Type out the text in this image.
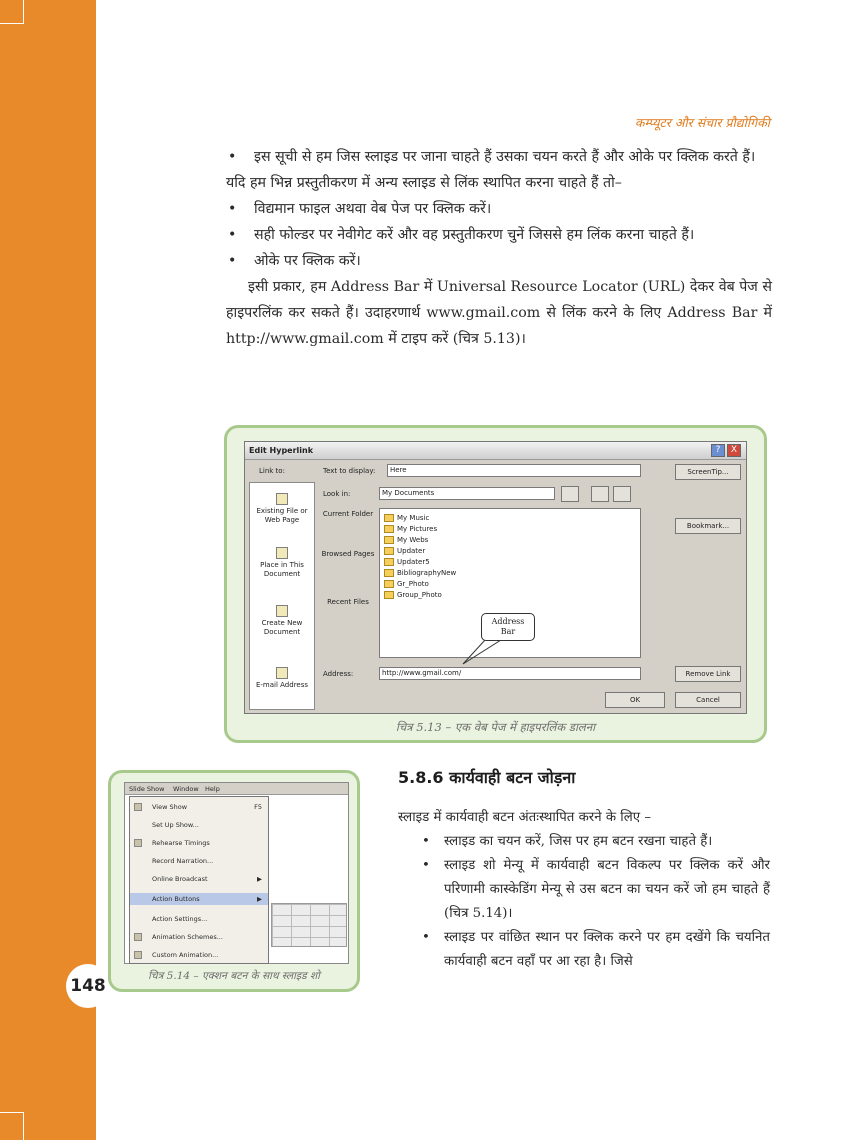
148
कम्प्यूटर और संचार प्रौद्योगिकी

• इस सूची से हम जिस स्लाइड पर जाना चाहते हैं उसका चयन करते हैं और ओके पर क्लिक करते हैं।

यदि हम भिन्न प्रस्तुतीकरण में अन्य स्लाइड से लिंक स्थापित करना चाहते हैं तो–

• विद्यमान फाइल अथवा वेब पेज पर क्लिक करें।

• सही फोल्डर पर नेवीगेट करें और वह प्रस्तुतीकरण चुनें जिससे हम लिंक करना चाहते हैं।

• ओके पर क्लिक करें।

इसी प्रकार, हम Address Bar में Universal Resource Locator (URL) देकर वेब पेज से हाइपरलिंक कर सकते हैं। उदाहरणार्थ www.gmail.com से लिंक करने के लिए Address Bar में http://www.gmail.com में टाइप करें (चित्र 5.13)।

Edit Hyperlink	?	X
Link to:	Text to display:	Here	ScreenTip...
Existing File or Web Page
Place in This Document
Create New Document
E-mail Address
Look in:	My Documents
Bookmark...
Current Folder
Browsed Pages
Recent Files
My Music
My Pictures
My Webs
Updater
Updater5
BibliographyNew
Gr_Photo
Group_Photo
Address
Bar
Address:	http://www.gmail.com/	Remove Link
OK	Cancel
चित्र 5.13 – एक वेब पेज में हाइपरलिंक डालना
Slide Show Window Help
View Show	F5
Set Up Show...
Rehearse Timings
Record Narration...
Online Broadcast	▶
Action Buttons	▶
Action Settings...
Animation Schemes...
Custom Animation...
चित्र 5.14 – एक्शन बटन के साथ स्लाइड शो
5.8.6 कार्यवाही बटन जोड़ना

स्लाइड में कार्यवाही बटन अंतःस्थापित करने के लिए –

• स्लाइड का चयन करें, जिस पर हम बटन रखना चाहते हैं।

• स्लाइड शो मेन्यू में कार्यवाही बटन विकल्प पर क्लिक करें और परिणामी कास्केडिंग मेन्यू से उस बटन का चयन करें जो हम चाहते हैं (चित्र 5.14)।

• स्लाइड पर वांछित स्थान पर क्लिक करने पर हम दखेंगे कि चयनित कार्यवाही बटन वहाँ पर आ रहा है। जिसे
